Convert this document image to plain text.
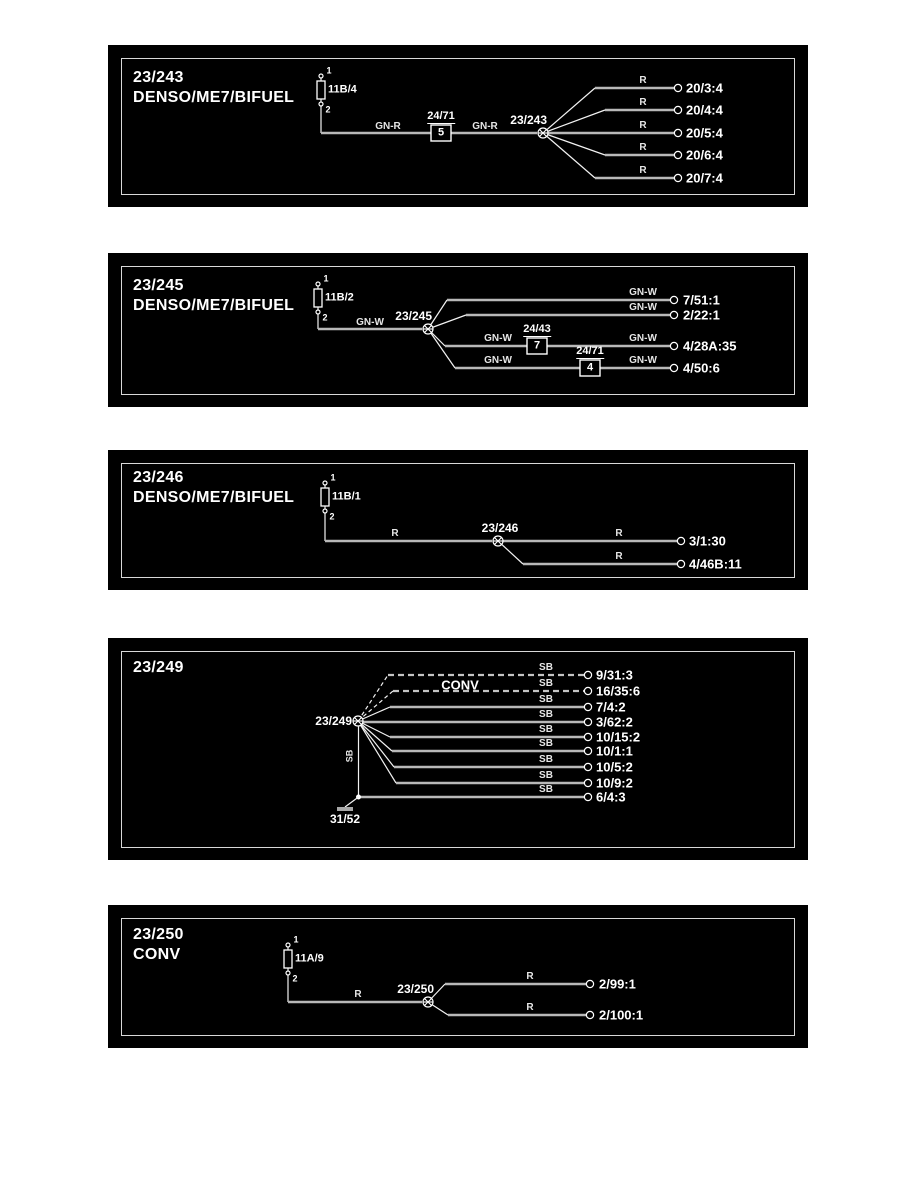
23/243
DENSO/ME7/BIFUEL
1
2
11B/4
GN-R	GN-R
24/71
5
23/243
R	20/3:4
R	20/4:4
R	20/5:4
R	20/6:4
R	20/7:4
23/245
DENSO/ME7/BIFUEL
1
2
11B/2
GN-W 23/245
GN-W 7/51:1
GN-W 2/22:1
GN-W
24/43
7
GN-W 4/28A:35
GN-W
24/71
4
GN-W 4/50:6
23/246
DENSO/ME7/BIFUEL
1
2
11B/1
R	23/246	R	3/1:30
R	4/46B:11
23/249
23/249
SB	9/31:3
SB	16/35:6
SB	7/4:2
SB	3/62:2
SB	10/15:2
SB	10/1:1
SB	10/5:2
SB	10/9:2
SB	6/4:3
CONV
31/52
SB
23/250
CONV
1
2
11A/9
R	23/250
R	2/99:1
R	2/100:1
